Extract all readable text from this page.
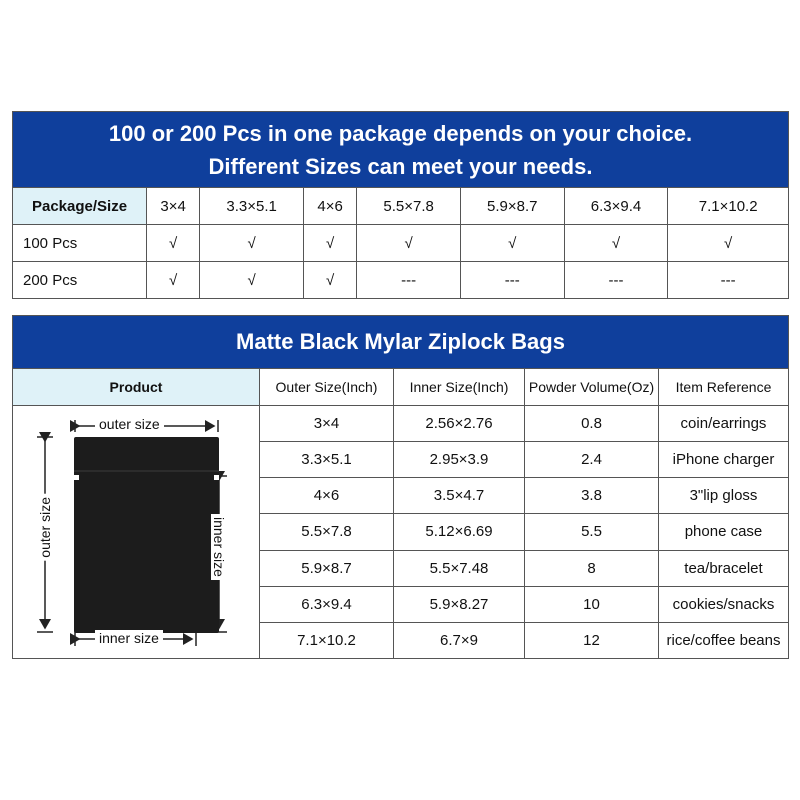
100 or 200 Pcs in one package depends on your choice.
Different Sizes can meet your needs.							

Package/Size	3×4	3.3×5.1	4×6	5.5×7.8	5.9×8.7	6.3×9.4	7.1×10.2
100 Pcs	√	√	√	√	√	√	√
200 Pcs	√	√	√	---	---	---	---
Matte Black Mylar Ziplock Bags				
Product	Outer Size(Inch)	Inner Size(Inch)	Powder Volume(Oz)	Item Reference

outer size
outer size inner size
inner size	3×4	2.56×2.76	0.8	coin/earrings
	3.3×5.1	2.95×3.9	2.4	iPhone charger
	4×6	3.5×4.7	3.8	3"lip gloss
	5.5×7.8	5.12×6.69	5.5	phone case
	5.9×8.7	5.5×7.48	8	tea/bracelet
	6.3×9.4	5.9×8.27	10	cookies/snacks
	7.1×10.2	6.7×9	12	rice/coffee beans
